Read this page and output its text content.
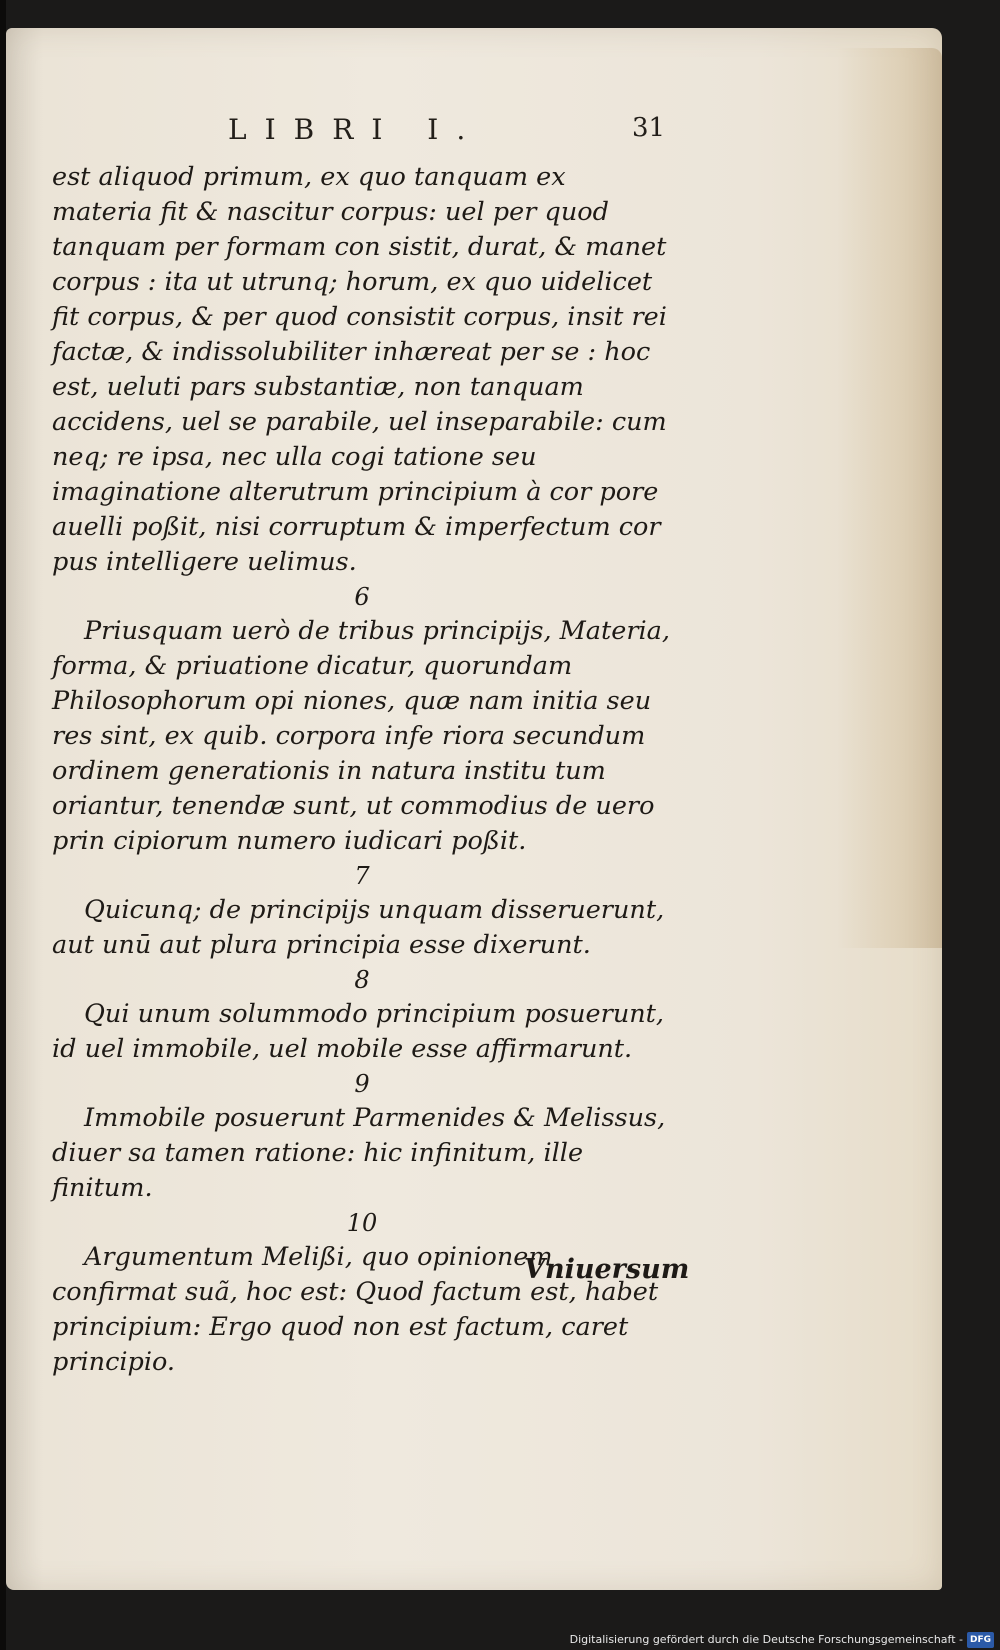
LIBRI I.	31

est aliquod primum, ex quo tanquam ex materia fit & nascitur corpus: uel per quod tanquam per formam con sistit, durat, & manet corpus : ita ut utrunq; horum, ex quo uidelicet fit corpus, & per quod consistit corpus, insit rei factæ, & indissolubiliter inhæreat per se : hoc est, ueluti pars substantiæ, non tanquam accidens, uel se parabile, uel inseparabile: cum neq; re ipsa, nec ulla cogi tatione seu imaginatione alterutrum principium à cor pore auelli poßit, nisi corruptum & imperfectum cor pus intelligere uelimus.

6

Priusquam uerò de tribus principijs, Materia, forma, & priuatione dicatur, quorundam Philosophorum opi niones, quæ nam initia seu res sint, ex quib. corpora infe riora secundum ordinem generationis in natura institu tum oriantur, tenendæ sunt, ut commodius de uero prin cipiorum numero iudicari poßit.

7

Quicunq; de principijs unquam disseruerunt, aut unū aut plura principia esse dixerunt.

8

Qui unum solummodo principium posuerunt, id uel immobile, uel mobile esse affirmarunt.

9

Immobile posuerunt Parmenides & Melissus, diuer sa tamen ratione: hic infinitum, ille finitum.

10

Argumentum Melißi, quo opinionem confirmat suã, hoc est: Quod factum est, habet principium: Ergo quod non est factum, caret principio.

Vniuersum
Digitalisierung gefördert durch die Deutsche Forschungsgemeinschaft - DFG
